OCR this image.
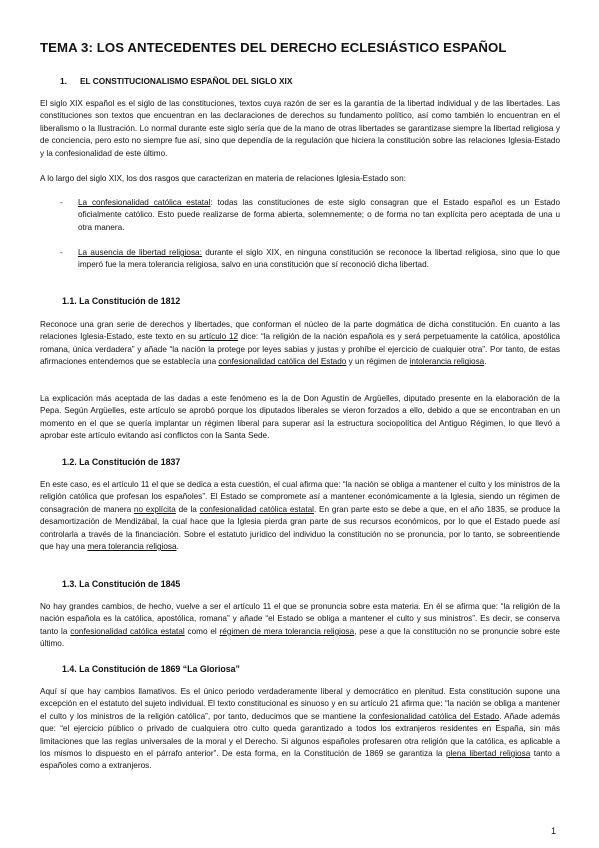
TEMA 3: LOS ANTECEDENTES DEL DERECHO ECLESIÁSTICO ESPAÑOL
1. EL CONSTITUCIONALISMO ESPAÑOL DEL SIGLO XIX
El siglo XIX español es el siglo de las constituciones, textos cuya razón de ser es la garantía de la libertad individual y de las libertades. Las constituciones son textos que encuentran en las declaraciones de derechos su fundamento político, así como también lo encuentran en el liberalismo o la Ilustración. Lo normal durante este siglo sería que de la mano de otras libertades se garantizase siempre la libertad religiosa y de conciencia, pero esto no siempre fue así, sino que dependía de la regulación que hiciera la constitución sobre las relaciones Iglesia-Estado y la confesionalidad de este último.
A lo largo del siglo XIX, los dos rasgos que caracterizan en materia de relaciones Iglesia-Estado son:
- La confesionalidad católica estatal: todas las constituciones de este siglo consagran que el Estado español es un Estado oficialmente católico. Esto puede realizarse de forma abierta, solemnemente; o de forma no tan explícita pero aceptada de una u otra manera.
- La ausencia de libertad religiosa: durante el siglo XIX, en ninguna constitución se reconoce la libertad religiosa, sino que lo que imperó fue la mera tolerancia religiosa, salvo en una constitución que sí reconoció dicha libertad.
1.1. La Constitución de 1812
Reconoce una gran serie de derechos y libertades, que conforman el núcleo de la parte dogmática de dicha constitución. En cuanto a las relaciones Iglesia-Estado, este texto en su artículo 12 dice: “la religión de la nación española es y será perpetuamente la católica, apostólica romana, única verdadera” y añade “la nación la protege por leyes sabias y justas y prohíbe el ejercicio de cualquier otra”. Por tanto, de estas afirmaciones entendemos que se establecía una confesionalidad católica del Estado y un régimen de intolerancia religiosa.
La explicación más aceptada de las dadas a este fenómeno es la de Don Agustín de Argüelles, diputado presente en la elaboración de la Pepa. Según Argüelles, este artículo se aprobó porque los diputados liberales se vieron forzados a ello, debido a que se encontraban en un momento en el que se quería implantar un régimen liberal para superar así la estructura sociopolítica del Antiguo Régimen, lo que llevó a aprobar este artículo evitando así conflictos con la Santa Sede.
1.2. La Constitución de 1837
En este caso, es el artículo 11 el que se dedica a esta cuestión, el cual afirma que: “la nación se obliga a mantener el culto y los ministros de la religión católica que profesan los españoles”. El Estado se compromete así a mantener económicamente a la Iglesia, siendo un régimen de consagración de manera no explícita de la confesionalidad católica estatal. En gran parte esto se debe a que, en el año 1835, se produce la desamortización de Mendizábal, la cual hace que la Iglesia pierda gran parte de sus recursos económicos, por lo que el Estado puede así controlarla a través de la financiación. Sobre el estatuto jurídico del individuo la constitución no se pronuncia, por lo tanto, se sobreentiende que hay una mera tolerancia religiosa.
1.3. La Constitución de 1845
No hay grandes cambios, de hecho, vuelve a ser el artículo 11 el que se pronuncia sobre esta materia. En él se afirma que: “la religión de la nación española es la católica, apostólica, romana” y añade “el Estado se obliga a mantener el culto y sus ministros”. Es decir, se conserva tanto la confesionalidad católica estatal como el régimen de mera tolerancia religiosa, pese a que la constitución no se pronuncie sobre este último.
1.4. La Constitución de 1869 “La Gloriosa”
Aquí sí que hay cambios llamativos. Es el único periodo verdaderamente liberal y democrático en plenitud. Esta constitución supone una excepción en el estatuto del sujeto individual. El texto constitucional es sinuoso y en su artículo 21 afirma que: “la nación se obliga a mantener el culto y los ministros de la religión católica”, por tanto, deducimos que se mantiene la confesionalidad católica del Estado. Añade además que: “el ejercicio público o privado de cualquiera otro culto queda garantizado a todos los extranjeros residentes en España, sin más limitaciones que las reglas universales de la moral y el Derecho. Si algunos españoles profesaren otra religión que la católica, es aplicable a los mismos lo dispuesto en el párrafo anterior”. De esta forma, en la Constitución de 1869 se garantiza la plena libertad religiosa tanto a españoles como a extranjeros.
1
